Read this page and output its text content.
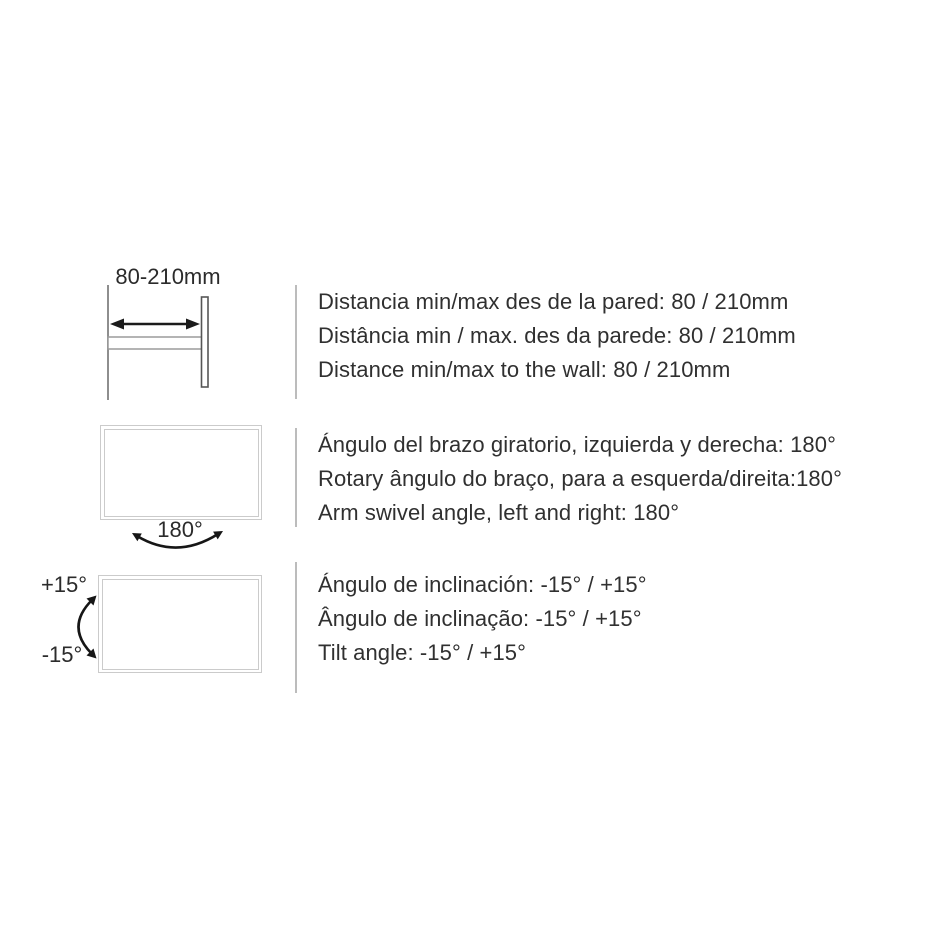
80-210mm
Distancia min/max des de la pared: 80 / 210mm
Distância min / max. des da parede: 80 / 210mm
Distance min/max to the wall: 80 / 210mm
180°
Ángulo del brazo giratorio, izquierda y derecha: 180°
Rotary ângulo do braço, para a esquerda/direita:180°
Arm swivel angle, left and right: 180°
+15°
-15°
Ángulo de inclinación: -15° / +15°
Ângulo de inclinação: -15° / +15°
Tilt angle: -15° / +15°
